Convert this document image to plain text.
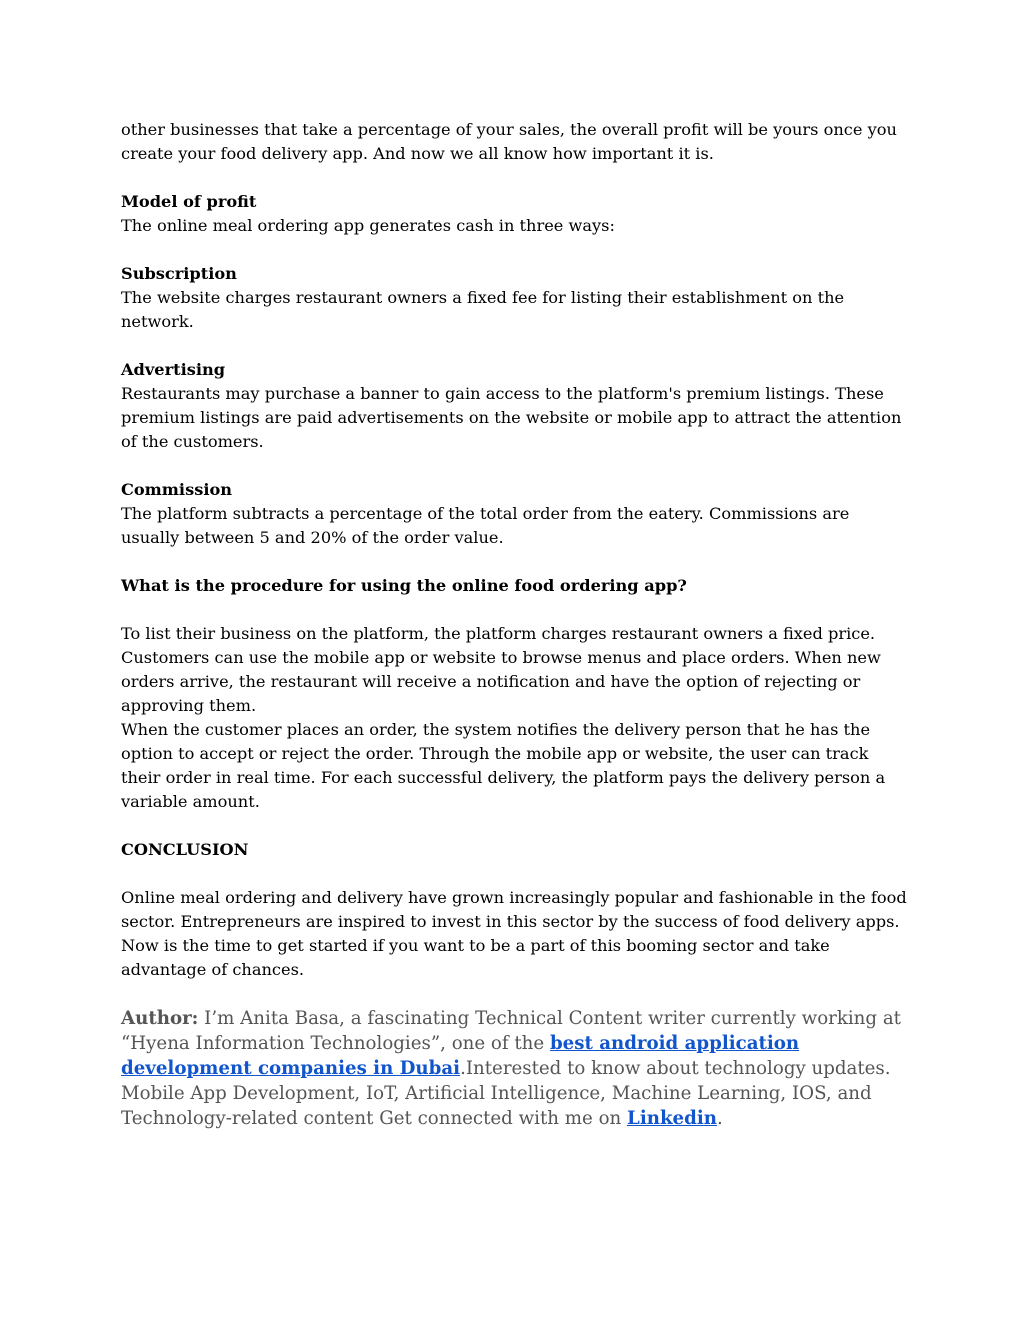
other businesses that take a percentage of your sales, the overall profit will be yours once you create your food delivery app. And now we all know how important it is.

Model of profit

The online meal ordering app generates cash in three ways:

Subscription

The website charges restaurant owners a fixed fee for listing their establishment on the network.

Advertising

Restaurants may purchase a banner to gain access to the platform's premium listings. These premium listings are paid advertisements on the website or mobile app to attract the attention of the customers.

Commission

The platform subtracts a percentage of the total order from the eatery. Commissions are usually between 5 and 20% of the order value.

What is the procedure for using the online food ordering app?

To list their business on the platform, the platform charges restaurant owners a fixed price. Customers can use the mobile app or website to browse menus and place orders. When new orders arrive, the restaurant will receive a notification and have the option of rejecting or approving them.

When the customer places an order, the system notifies the delivery person that he has the option to accept or reject the order. Through the mobile app or website, the user can track their order in real time. For each successful delivery, the platform pays the delivery person a variable amount.

CONCLUSION

Online meal ordering and delivery have grown increasingly popular and fashionable in the food sector. Entrepreneurs are inspired to invest in this sector by the success of food delivery apps. Now is the time to get started if you want to be a part of this booming sector and take advantage of chances.

Author: I’m Anita Basa, a fascinating Technical Content writer currently working at “Hyena Information Technologies”, one of the best android application development companies in Dubai.Interested to know about technology updates. Mobile App Development, IoT, Artificial Intelligence, Machine Learning, IOS, and Technology-related content Get connected with me on Linkedin.
